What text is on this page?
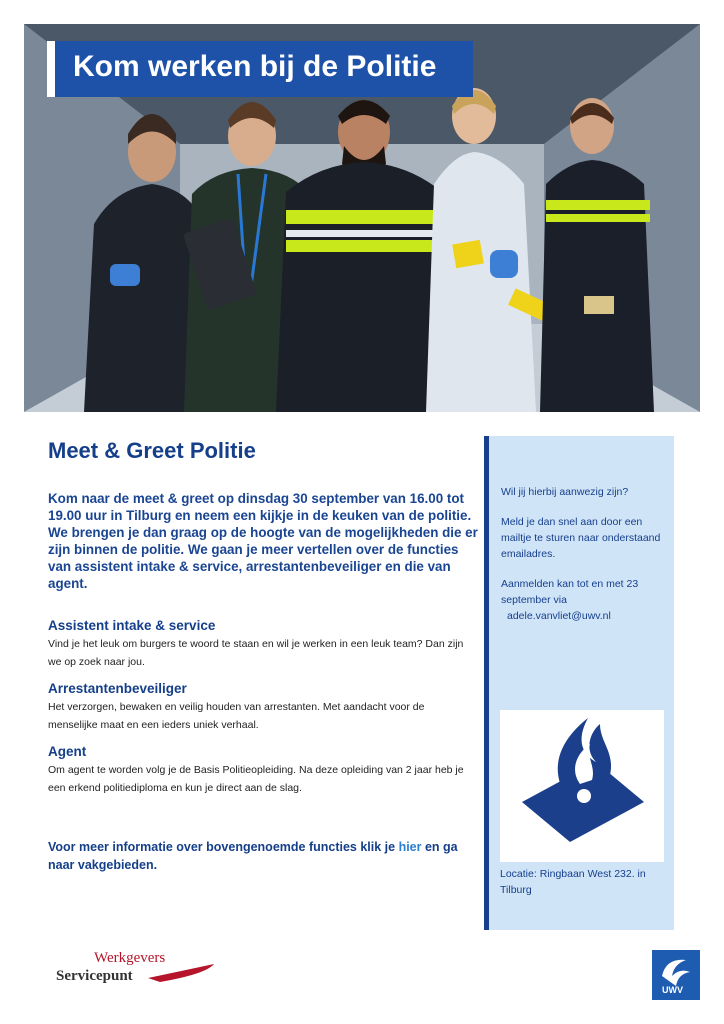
Kom werken bij de Politie
Meet & Greet Politie
Kom naar de meet & greet op dinsdag 30 september van 16.00 tot 19.00 uur in Tilburg en neem een kijkje in de keuken van de politie. We brengen je dan graag op de hoogte van de mogelijkheden die er zijn binnen de politie. We gaan je meer vertellen over de functies van assistent intake & service, arrestantenbeveiliger en die van agent.
Assistent intake & service
Vind je het leuk om burgers te woord te staan en wil je werken in een leuk team? Dan zijn we op zoek naar jou.
Arrestantenbeveiliger
Het verzorgen, bewaken en veilig houden van arrestanten. Met aandacht voor de menselijke maat en een ieders uniek verhaal.
Agent
Om agent te worden volg je de Basis Politieopleiding. Na deze opleiding van 2 jaar heb je een erkend politiediploma en kun je direct aan de slag.
Voor meer informatie over bovengenoemde functies klik je hier en ga naar vakgebieden.

Wil jij hierbij aanwezig zijn?

Meld je dan snel aan door een mailtje te sturen naar onderstaand emailadres.

Aanmelden kan tot en met 23 september via

adele.vanvliet@uwv.nl

Locatie: Ringbaan West 232. in Tilburg
Werkgevers
Servicepunt
UWV
